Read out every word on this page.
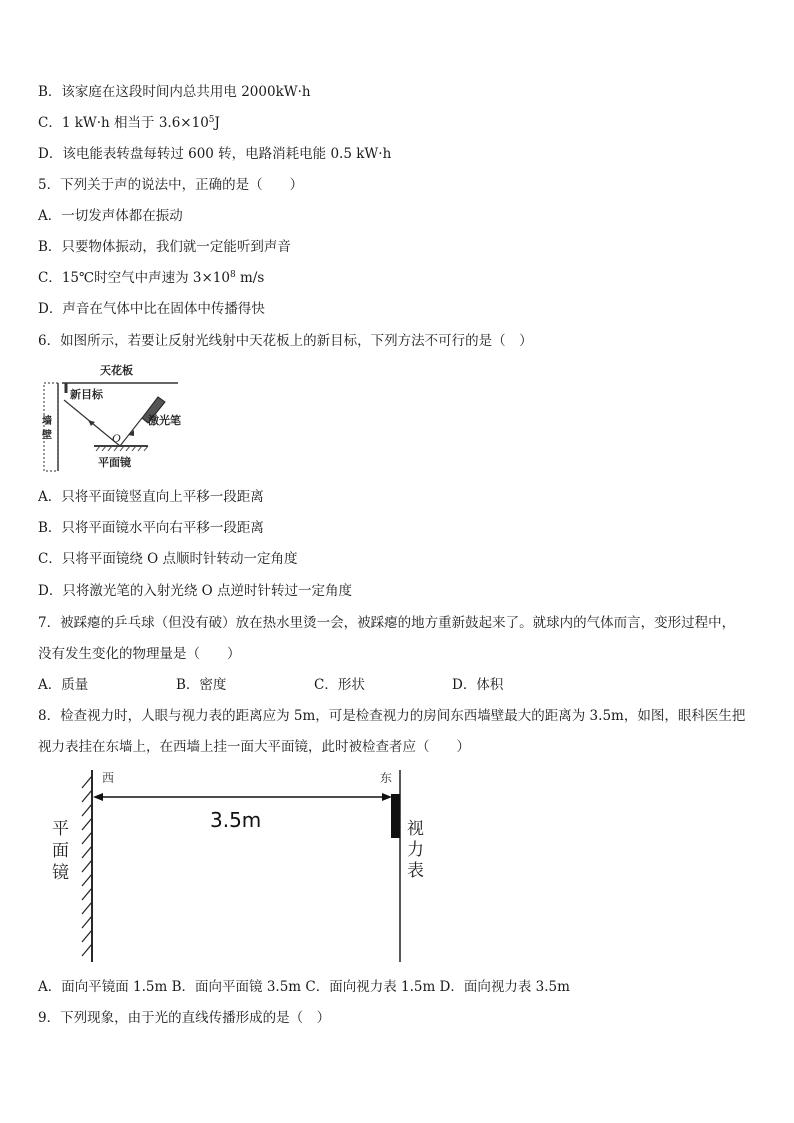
B．该家庭在这段时间内总共用电 2000kW·h
C．1 kW·h 相当于 $3.6\times 10^5J$
D．该电能表转盘每转过 600 转，电路消耗电能 0.5 kW·h
5．下列关于声的说法中，正确的是（　　）
A．一切发声体都在振动
B．只要物体振动，我们就一定能听到声音
C．15℃时空气中声速为 $3\times 10^8$ m/s
D．声音在气体中比在固体中传播得快
6．如图所示，若要让反射光线射中天花板上的新目标，下列方法不可行的是（　）
天花板
墙
壁
新目标
平面镜
激光笔
O
A．只将平面镜竖直向上平移一段距离
B．只将平面镜水平向右平移一段距离
C．只将平面镜绕 O 点顺时针转动一定角度
D．只将激光笔的入射光绕 O 点逆时针转过一定角度
7．被踩瘪的乒乓球（但没有破）放在热水里烫一会，被踩瘪的地方重新鼓起来了。就球内的气体而言，变形过程中，
没有发生变化的物理量是（　　）
A．质量	B．密度	C．形状	D．体积
8．检查视力时，人眼与视力表的距离应为 5m，可是检查视力的房间东西墙壁最大的距离为 3.5m，如图，眼科医生把
视力表挂在东墙上，在西墙上挂一面大平面镜，此时被检查者应（　　）
平
面
镜
西	东
3.5m	视
力
表
A．面向平镜面 1.5m B．面向平面镜 3.5m C．面向视力表 1.5m D．面向视力表 3.5m
9．下列现象，由于光的直线传播形成的是（　）
